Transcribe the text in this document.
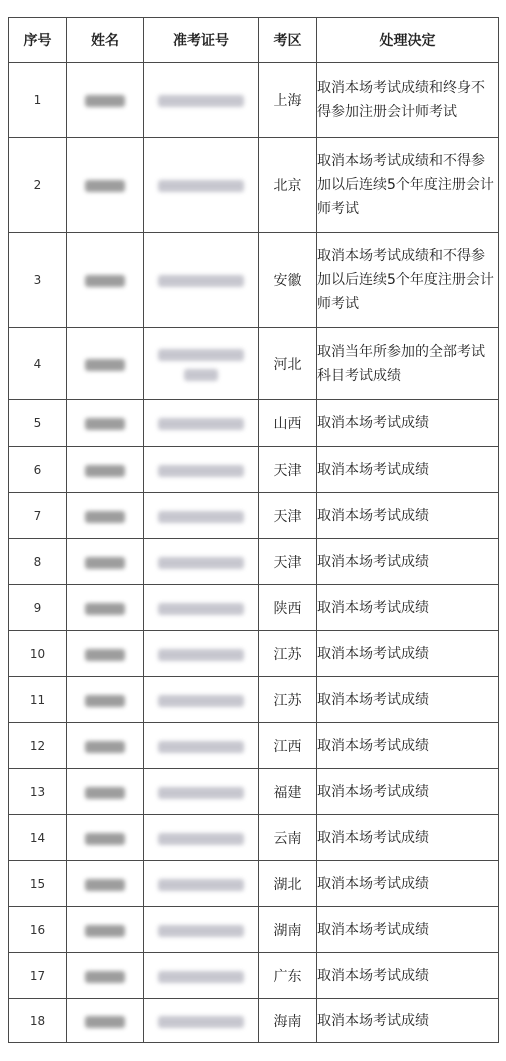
序号	姓名	准考证号	考区	处理决定
1			上海	取消本场考试成绩和终身不得参加注册会计师考试
2			北京	取消本场考试成绩和不得参加以后连续5个年度注册会计师考试
3			安徽	取消本场考试成绩和不得参加以后连续5个年度注册会计师考试
4			河北	取消当年所参加的全部考试科目考试成绩
5			山西	取消本场考试成绩
6			天津	取消本场考试成绩
7			天津	取消本场考试成绩
8			天津	取消本场考试成绩
9			陕西	取消本场考试成绩
10			江苏	取消本场考试成绩
11			江苏	取消本场考试成绩
12			江西	取消本场考试成绩
13			福建	取消本场考试成绩
14			云南	取消本场考试成绩
15			湖北	取消本场考试成绩
16			湖南	取消本场考试成绩
17			广东	取消本场考试成绩
18			海南	取消本场考试成绩
